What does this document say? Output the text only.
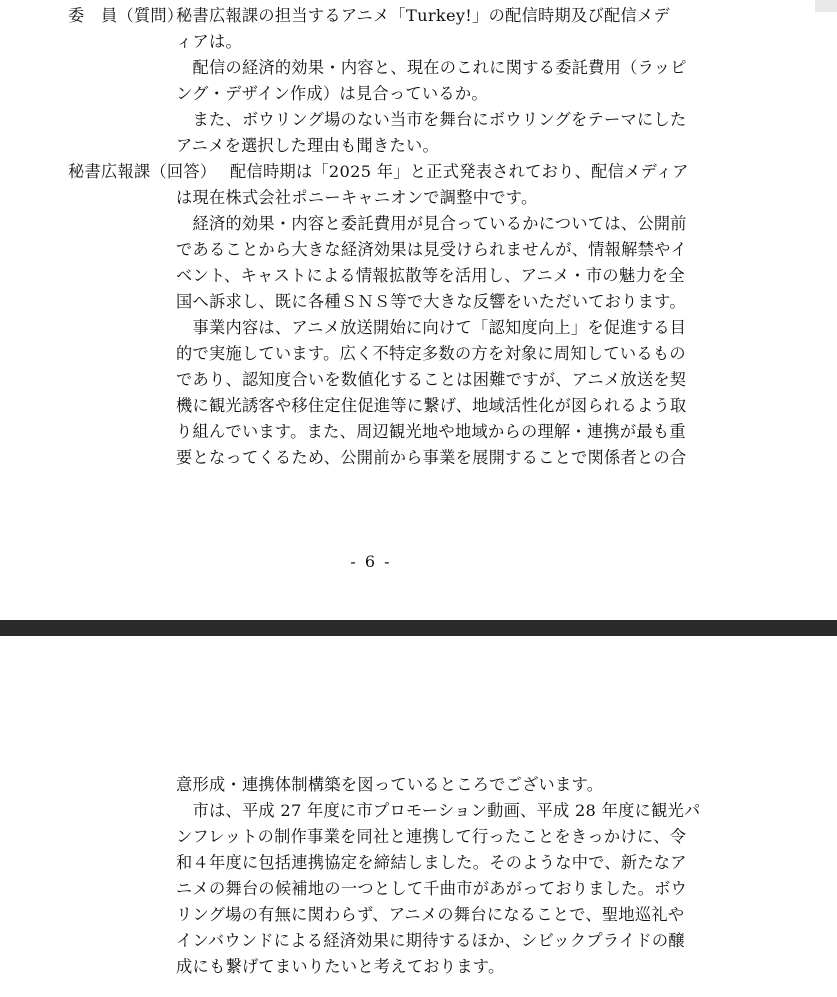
委　員（質問）
秘書広報課の担当するアニメ「Turkey!」の配信時期及び配信メデ
ィアは。
　配信の経済的効果・内容と、現在のこれに関する委託費用（ラッピ
ング・デザイン作成）は見合っているか。
　また、ボウリング場のない当市を舞台にボウリングをテーマにした
アニメを選択した理由も聞きたい。
秘書広報課（回答） 配信時期は「2025 年」と正式発表されており、配信メディア
は現在株式会社ポニーキャニオンで調整中です。
　経済的効果・内容と委託費用が見合っているかについては、公開前
であることから大きな経済効果は見受けられませんが、情報解禁やイ
ベント、キャストによる情報拡散等を活用し、アニメ・市の魅力を全
国へ訴求し、既に各種ＳＮＳ等で大きな反響をいただいております。
　事業内容は、アニメ放送開始に向けて「認知度向上」を促進する目
的で実施しています。広く不特定多数の方を対象に周知しているもの
であり、認知度合いを数値化することは困難ですが、アニメ放送を契
機に観光誘客や移住定住促進等に繋げ、地域活性化が図られるよう取
り組んでいます。また、周辺観光地や地域からの理解・連携が最も重
要となってくるため、公開前から事業を展開することで関係者との合
- 6 -
意形成・連携体制構築を図っているところでございます。
　市は、平成 27 年度に市プロモーション動画、平成 28 年度に観光パ
ンフレットの制作事業を同社と連携して行ったことをきっかけに、令
和４年度に包括連携協定を締結しました。そのような中で、新たなア
ニメの舞台の候補地の一つとして千曲市があがっておりました。ボウ
リング場の有無に関わらず、アニメの舞台になることで、聖地巡礼や
インバウンドによる経済効果に期待するほか、シビックプライドの醸
成にも繋げてまいりたいと考えております。
